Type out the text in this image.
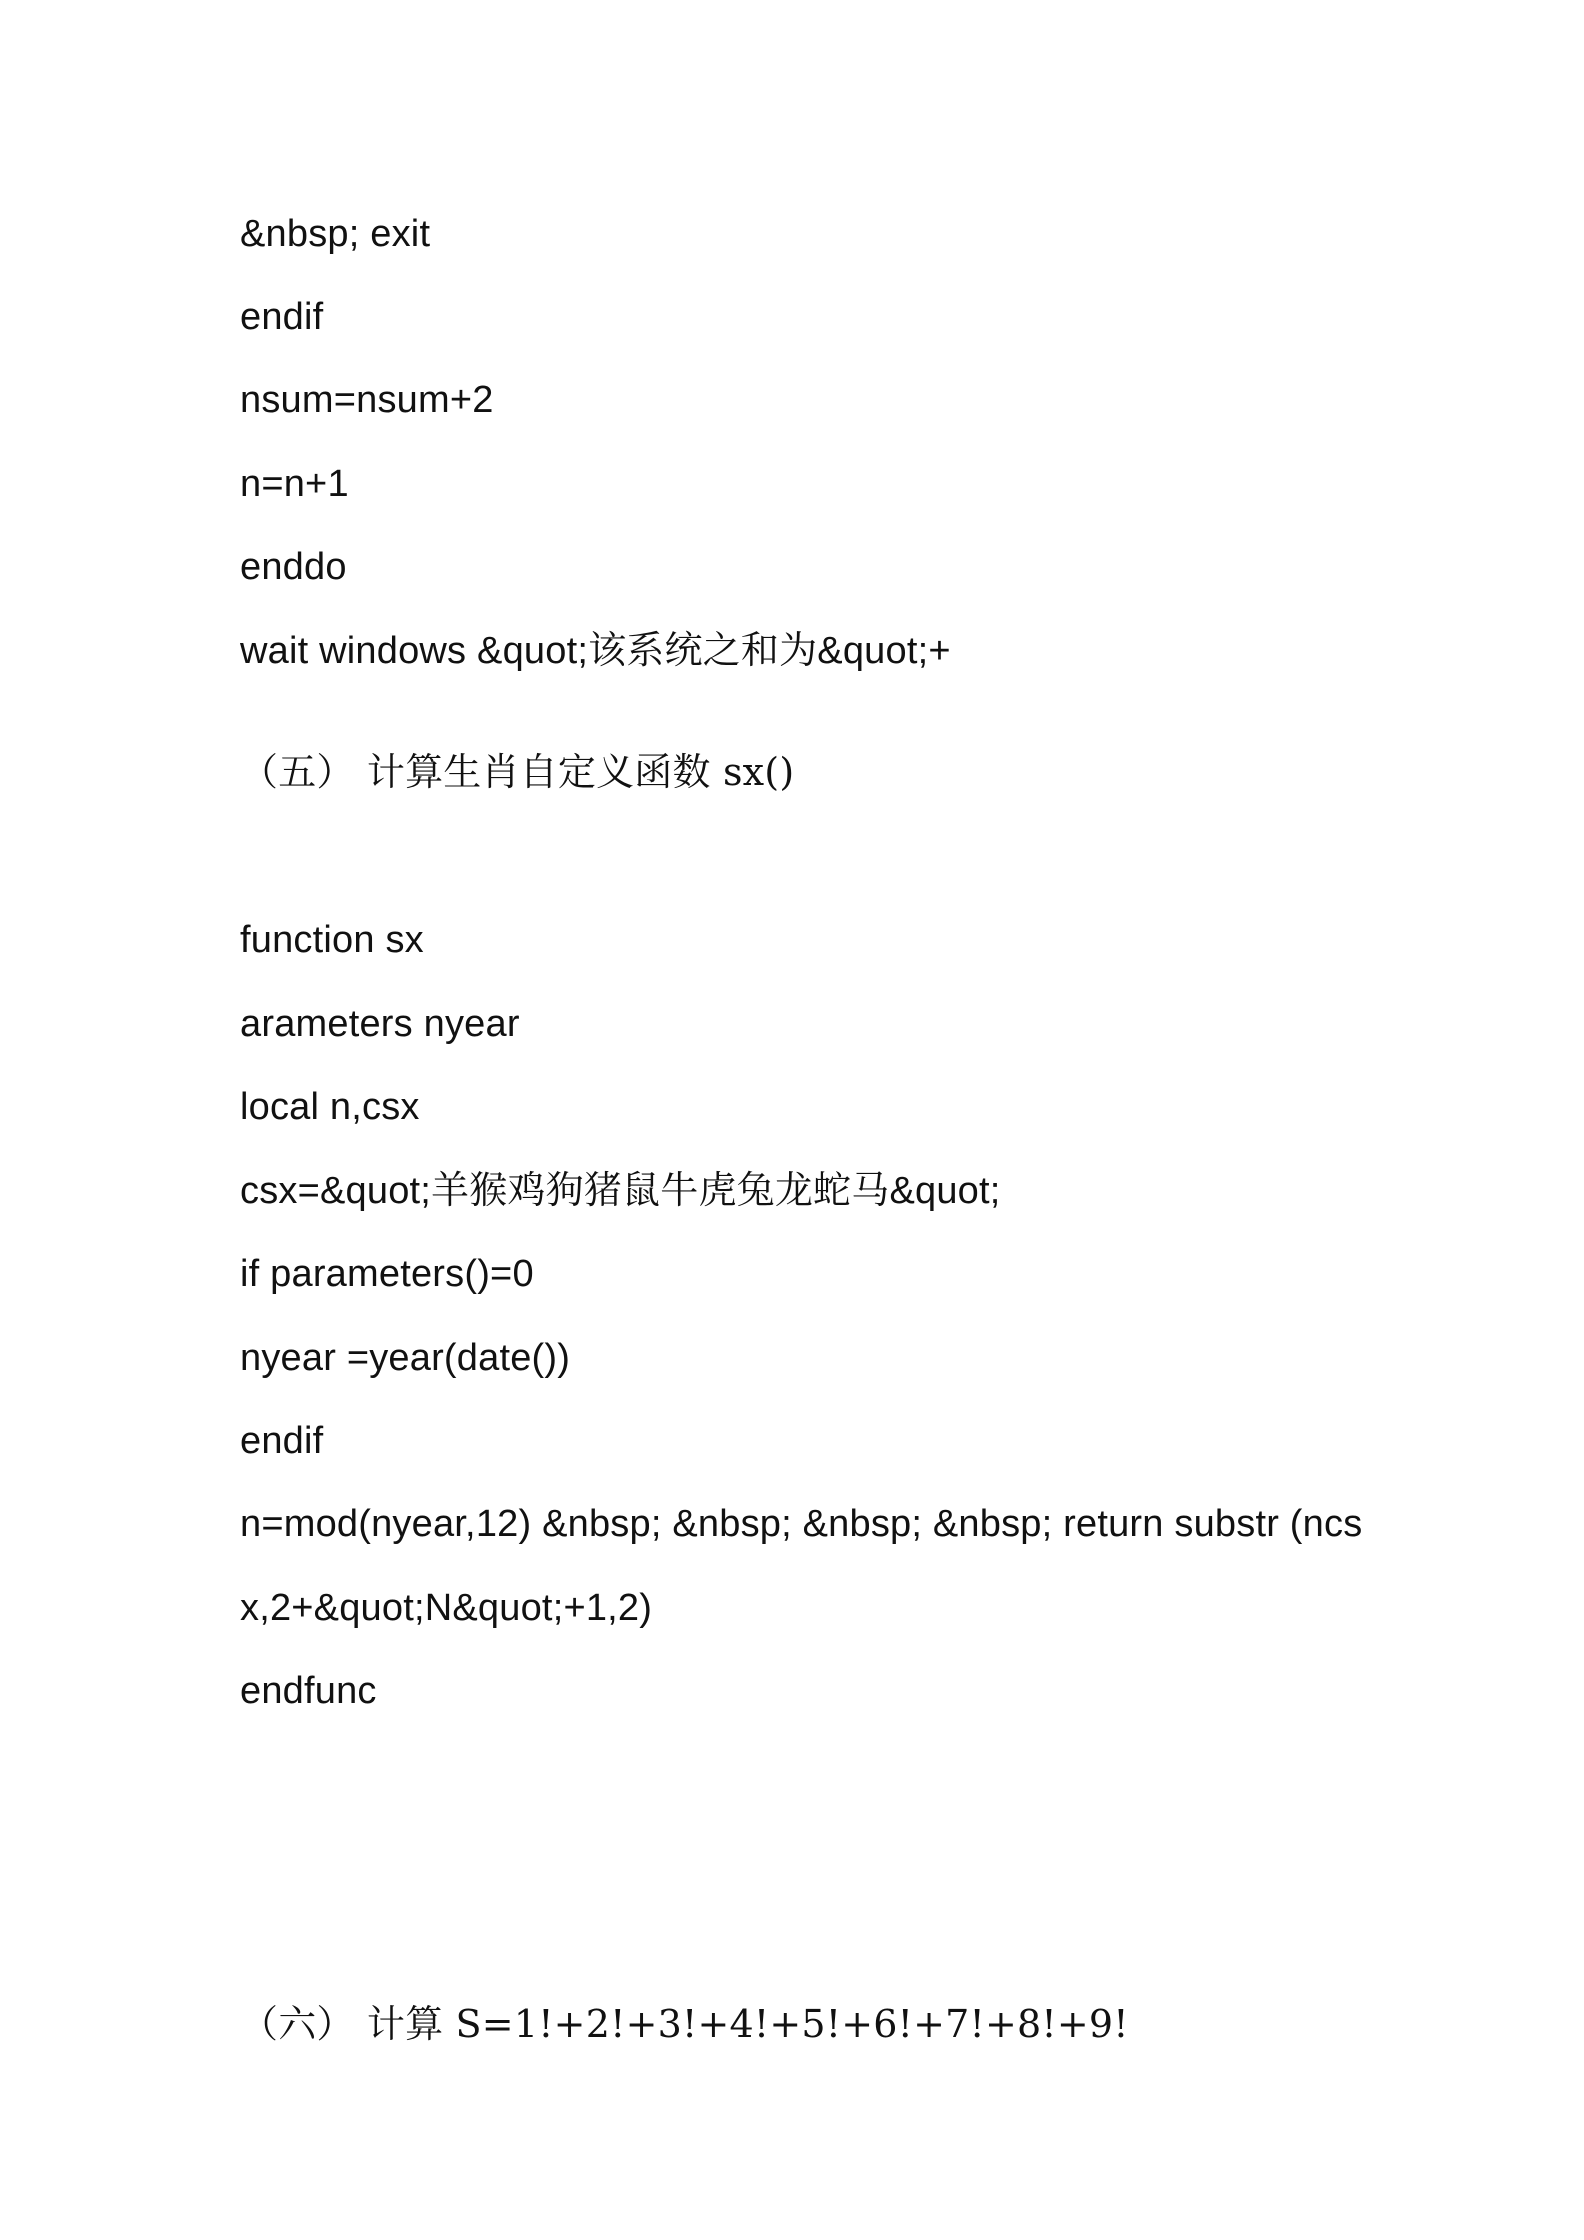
&nbsp; exit
endif
nsum=nsum+2
n=n+1
enddo
wait windows &quot;该系统之和为&quot;+
（五） 计算生肖自定义函数 sx()
function sx
arameters nyear
local n,csx
csx=&quot;羊猴鸡狗猪鼠牛虎兔龙蛇马&quot;
if parameters()=0
nyear =year(date())
endif
n=mod(nyear,12) &nbsp; &nbsp; &nbsp; &nbsp; return substr (ncs
x,2+&quot;N&quot;+1,2)
endfunc
（六） 计算 S=1!+2!+3!+4!+5!+6!+7!+8!+9!
